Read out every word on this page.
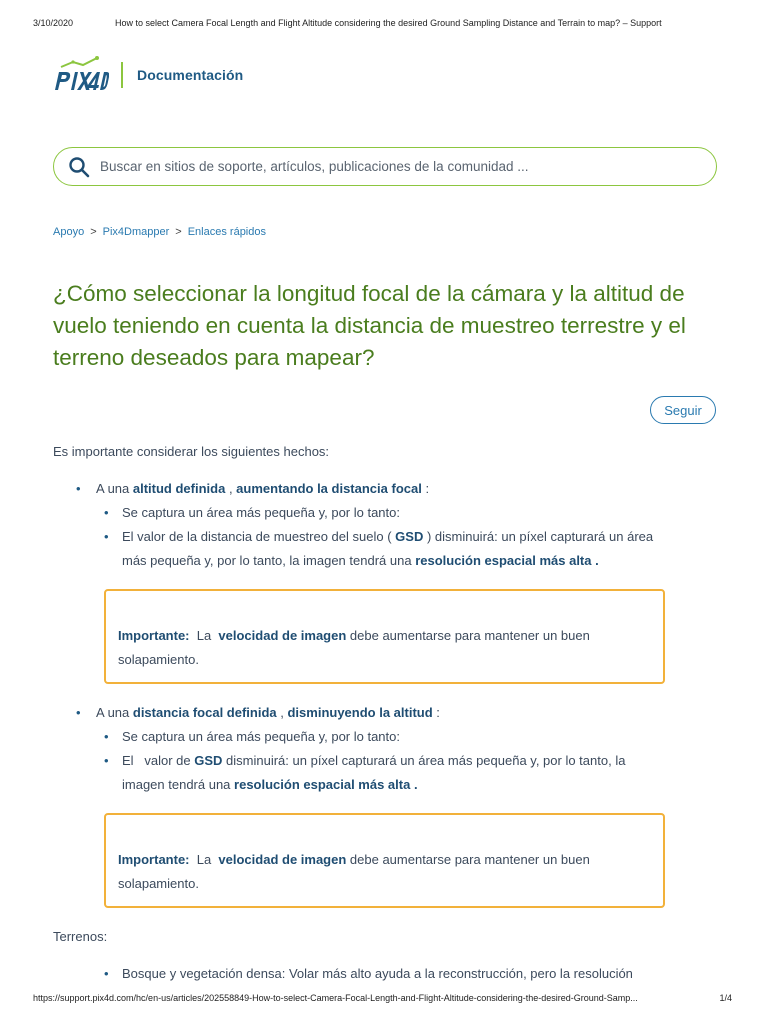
3/10/2020	How to select Camera Focal Length and Flight Altitude considering the desired Ground Sampling Distance and Terrain to map? – Support
Documentación
Buscar en sitios de soporte, artículos, publicaciones de la comunidad ...
Apoyo > Pix4Dmapper > Enlaces rápidos
¿Cómo seleccionar la longitud focal de la cámara y la altitud de vuelo teniendo en cuenta la distancia de muestreo terrestre y el terreno deseados para mapear?
Seguir

Es importante considerar los siguientes hechos:

• A una altitud definida , aumentando la distancia focal :
• Se captura un área más pequeña y, por lo tanto:
• El valor de la distancia de muestreo del suelo ( GSD ) disminuirá: un píxel capturará un área más pequeña y, por lo tanto, la imagen tendrá una resolución espacial más alta .
Importante:  La  velocidad de imagen debe aumentarse para mantener un buen solapamiento.
• A una distancia focal definida , disminuyendo la altitud :
• Se captura un área más pequeña y, por lo tanto:
• El   valor de GSD disminuirá: un píxel capturará un área más pequeña y, por lo tanto, la imagen tendrá una resolución espacial más alta .
Importante:  La  velocidad de imagen debe aumentarse para mantener un buen solapamiento.

Terrenos:

• Bosque y vegetación densa: Volar más alto ayuda a la reconstrucción, pero la resolución
https://support.pix4d.com/hc/en-us/articles/202558849-How-to-select-Camera-Focal-Length-and-Flight-Altitude-considering-the-desired-Ground-Samp...	1/4
